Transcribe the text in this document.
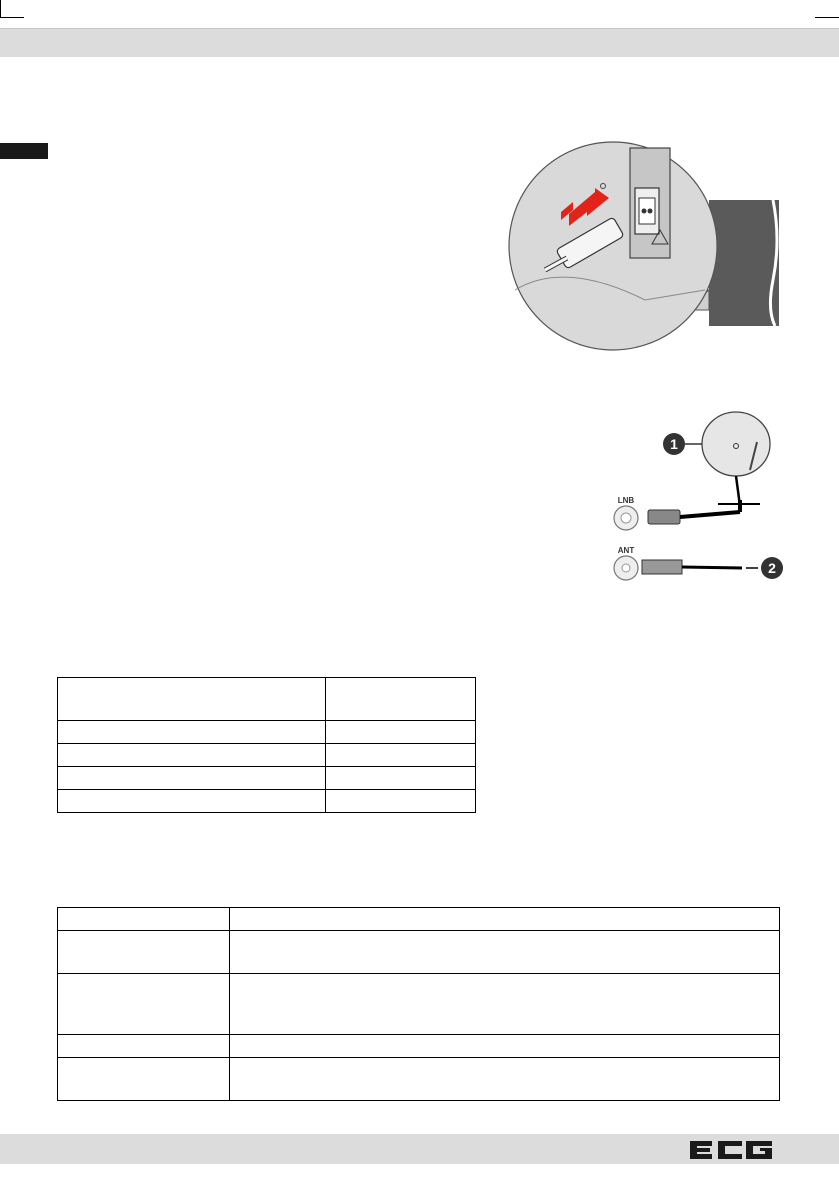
1
LNB
ANT
2
